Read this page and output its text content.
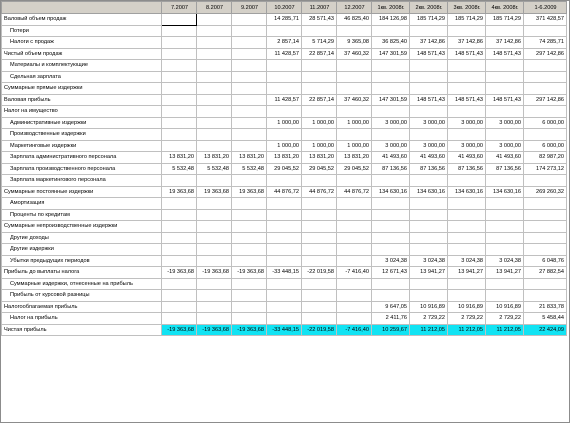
	7.2007	8.2007	9.2007	10.2007	11.2007	12.2007	1кв. 2008г.	2кв. 2008г.	3кв. 2008г.	4кв. 2008г.	1-6.2009
Валовый объем продаж				14 285,71	28 571,43	46 825,40	184 126,98	185 714,29	185 714,29	185 714,29	371 428,57
Потери											
Налоги с продаж				2 857,14	5 714,29	9 365,08	36 825,40	37 142,86	37 142,86	37 142,86	74 285,71
Чистый объем продаж				11 428,57	22 857,14	37 460,32	147 301,59	148 571,43	148 571,43	148 571,43	297 142,86
Материалы и комплектующие											
Сдельная зарплата											
Суммарные прямые издержки											
Валовая прибыль				11 428,57	22 857,14	37 460,32	147 301,59	148 571,43	148 571,43	148 571,43	297 142,86
Налог на имущество											
Административные издержки				1 000,00	1 000,00	1 000,00	3 000,00	3 000,00	3 000,00	3 000,00	6 000,00
Производственные издержки											
Маркетинговые издержки				1 000,00	1 000,00	1 000,00	3 000,00	3 000,00	3 000,00	3 000,00	6 000,00
Зарплата административного персонала	13 831,20	13 831,20	13 831,20	13 831,20	13 831,20	13 831,20	41 493,60	41 493,60	41 493,60	41 493,60	82 987,20
Зарплата производственного персонала	5 532,48	5 532,48	5 532,48	29 045,52	29 045,52	29 045,52	87 136,56	87 136,56	87 136,56	87 136,56	174 273,12
Зарплата маркетингового персонала											
Суммарные постоянные издержки	19 363,68	19 363,68	19 363,68	44 876,72	44 876,72	44 876,72	134 630,16	134 630,16	134 630,16	134 630,16	269 260,32
Амортизация											
Проценты по кредитам											
Суммарные непроизводственные издержки											
Другие доходы											
Другие издержки											
Убытки предыдущих периодов							3 024,38	3 024,38	3 024,38	3 024,38	6 048,76
Прибыль до выплаты налога	-19 363,68	-19 363,68	-19 363,68	-33 448,15	-22 019,58	-7 416,40	12 671,43	13 941,27	13 941,27	13 941,27	27 882,54
Суммарные издержки, отнесенные на прибыль											
Прибыль от курсовой разницы											
Налогооблагаемая прибыль							9 647,05	10 916,89	10 916,89	10 916,89	21 833,78
Налог на прибыль							2 411,76	2 729,22	2 729,22	2 729,22	5 458,44
Чистая прибыль	-19 363,68	-19 363,68	-19 363,68	-33 448,15	-22 019,58	-7 416,40	10 259,67	11 212,05	11 212,05	11 212,05	22 424,09
